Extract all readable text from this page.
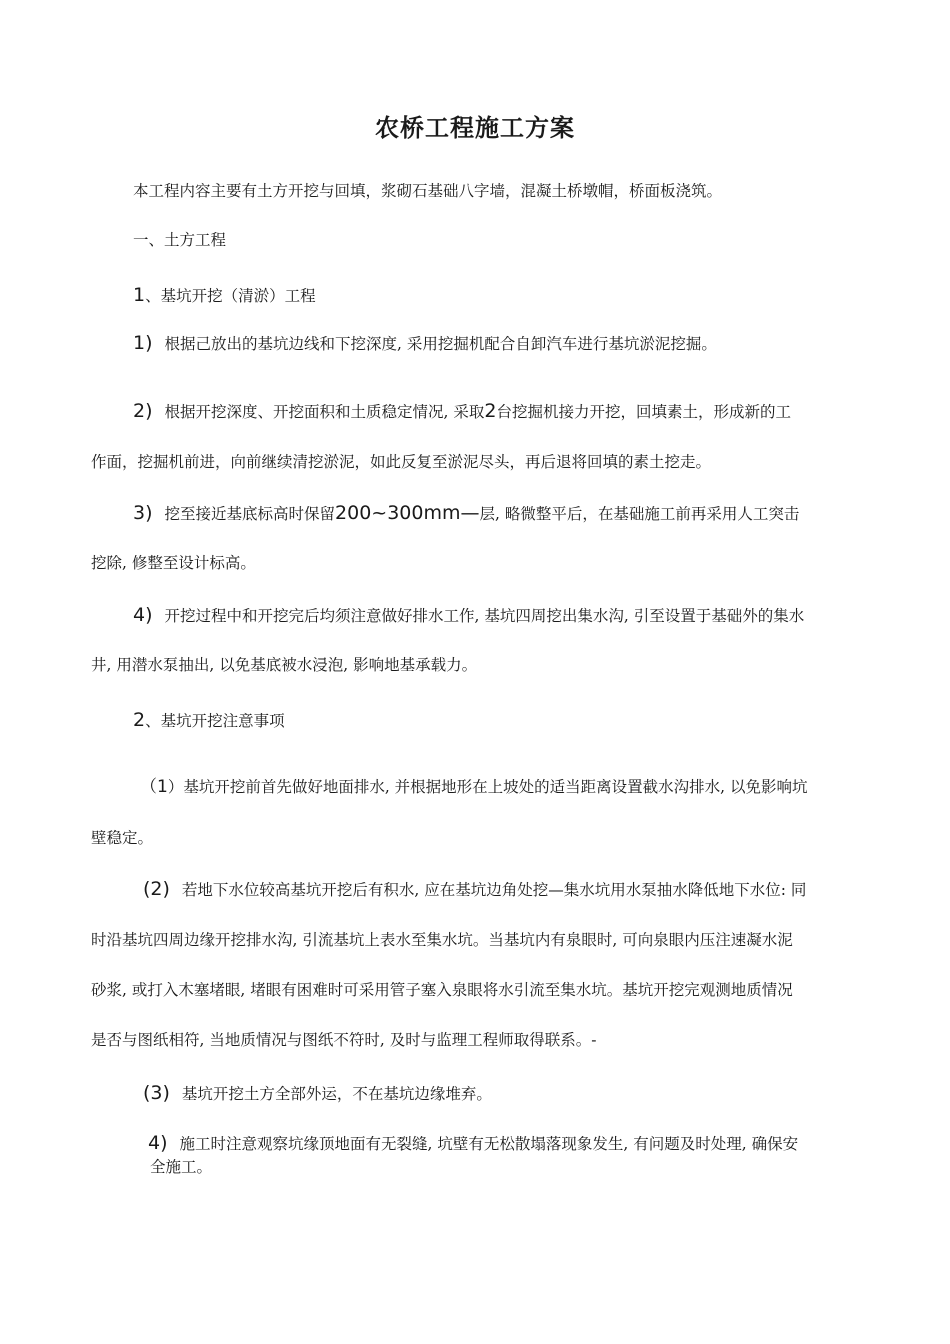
农桥工程施工方案
本工程内容主要有土方开挖与回填，浆砌石基础八字墙，混凝土桥墩帽，桥面板浇筑。
一、土方工程
1、基坑开挖（清淤）工程
1) 根据己放出的基坑边线和下挖深度, 采用挖掘机配合自卸汽车进行基坑淤泥挖掘。
2) 根据开挖深度、开挖面积和土质稳定情况, 采取2台挖掘机接力开挖，回填素土，形成新的工
作面，挖掘机前进，向前继续清挖淤泥，如此反复至淤泥尽头，再后退将回填的素土挖走。
3) 挖至接近基底标高时保留200~300mm—层, 略微整平后，在基础施工前再采用人工突击
挖除, 修整至设计标高。
4) 开挖过程中和开挖完后均须注意做好排水工作, 基坑四周挖出集水沟, 引至设置于基础外的集水
井, 用潜水泵抽出, 以免基底被水浸泡, 影响地基承载力。
2、基坑开挖注意事项
（1）基坑开挖前首先做好地面排水, 并根据地形在上坡处的适当距离设置截水沟排水, 以免影响坑
壁稳定。
(2) 若地下水位较高基坑开挖后有积水, 应在基坑边角处挖—集水坑用水泵抽水降低地下水位: 同
时沿基坑四周边缘开挖排水沟, 引流基坑上表水至集水坑。当基坑内有泉眼时, 可向泉眼内压注速凝水泥
砂浆, 或打入木塞堵眼, 堵眼有困难时可采用管子塞入泉眼将水引流至集水坑。基坑开挖完观测地质情况
是否与图纸相符, 当地质情况与图纸不符时, 及时与监理工程师取得联系。-
(3) 基坑开挖土方全部外运，不在基坑边缘堆弃。
4) 施工时注意观察坑缘顶地面有无裂缝, 坑壁有无松散塌落现象发生, 有问题及时处理, 确保安
全施工。
